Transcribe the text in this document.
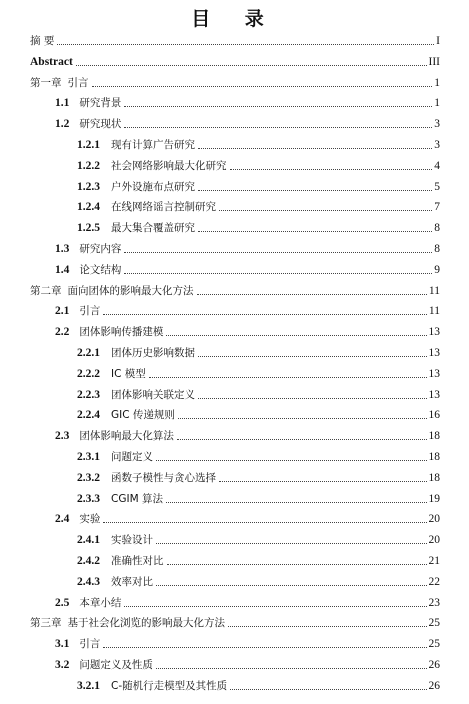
目 录
摘 要	I
Abstract	III
第一章 引言	1
1.1 研究背景	1
1.2 研究现状	3
1.2.1 现有计算广告研究	3
1.2.2 社会网络影响最大化研究	4
1.2.3 户外设施布点研究	5
1.2.4 在线网络谣言控制研究	7
1.2.5 最大集合覆盖研究	8
1.3 研究内容	8
1.4 论文结构	9
第二章 面向团体的影响最大化方法	11
2.1 引言	11
2.2 团体影响传播建模	13
2.2.1 团体历史影响数据	13
2.2.2 IC 模型	13
2.2.3 团体影响关联定义	13
2.2.4 GIC 传递规则	16
2.3 团体影响最大化算法	18
2.3.1 问题定义	18
2.3.2 函数子模性与贪心选择	18
2.3.3 CGIM 算法	19
2.4 实验	20
2.4.1 实验设计	20
2.4.2 准确性对比	21
2.4.3 效率对比	22
2.5 本章小结	23
第三章 基于社会化浏览的影响最大化方法	25
3.1 引言	25
3.2 问题定义及性质	26
3.2.1 C-随机行走模型及其性质	26
